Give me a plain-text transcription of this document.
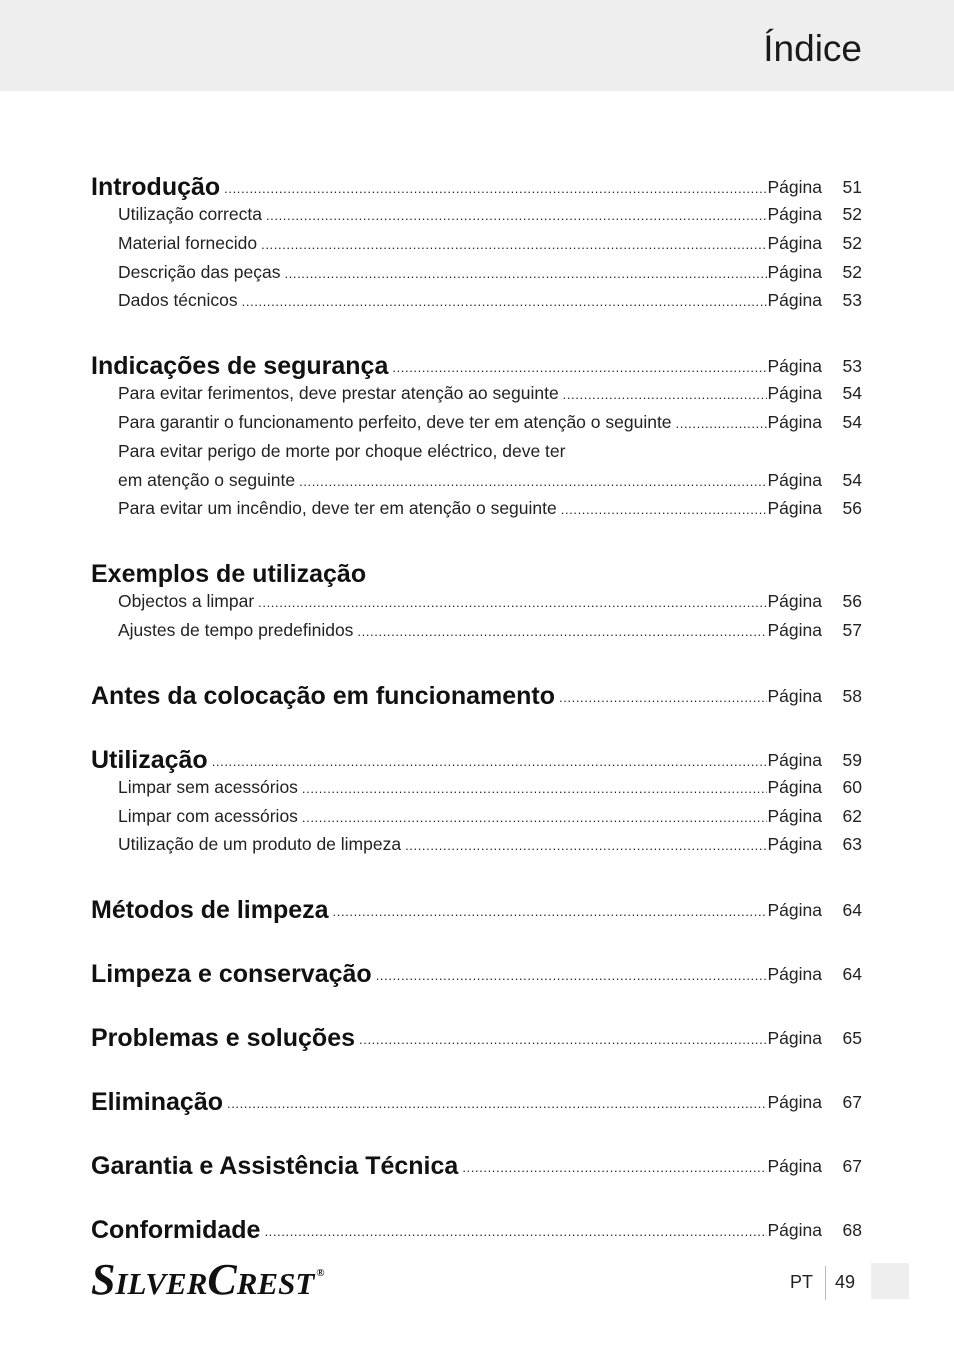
Índice
Introdução .....	Página	51
Utilização correcta .....	Página	52
Material fornecido .....	Página	52
Descrição das peças .....	Página	52
Dados técnicos .....	Página	53
Indicações de segurança .....	Página	53
Para evitar ferimentos, deve prestar atenção ao seguinte .....	Página	54
Para garantir o funcionamento perfeito, deve ter em atenção o seguinte .....	Página	54
Para evitar perigo de morte por choque eléctrico, deve ter
em atenção o seguinte .....	Página	54
Para evitar um incêndio, deve ter em atenção o seguinte .....	Página	56
Exemplos de utilização
Objectos a limpar .....	Página	56
Ajustes de tempo predefinidos .....	Página	57
Antes da colocação em funcionamento .....	Página	58
Utilização .....	Página	59
Limpar sem acessórios .....	Página	60
Limpar com acessórios .....	Página	62
Utilização de um produto de limpeza .....	Página	63
Métodos de limpeza .....	Página	64
Limpeza e conservação .....	Página	64
Problemas e soluções .....	Página	65
Eliminação .....	Página	67
Garantia e Assistência Técnica .....	Página	67
Conformidade .....	Página	68
SILVERCREST ®	PT 49
